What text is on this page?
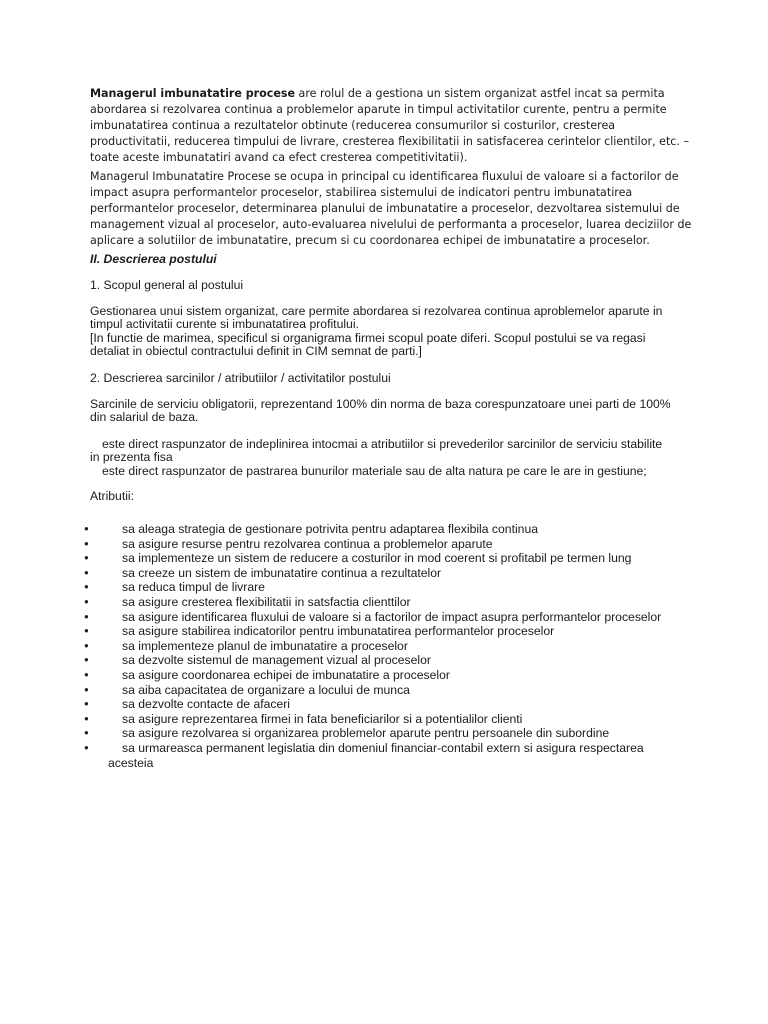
Managerul imbunatatire procese are rolul de a gestiona un sistem organizat astfel incat sa permita
abordarea si rezolvarea continua a problemelor aparute in timpul activitatilor curente, pentru a permite
imbunatatirea continua a rezultatelor obtinute (reducerea consumurilor si costurilor, cresterea
productivitatii, reducerea timpului de livrare, cresterea flexibilitatii in satisfacerea cerintelor clientilor, etc. –
toate aceste imbunatatiri avand ca efect cresterea competitivitatii).
Managerul Imbunatatire Procese se ocupa in principal cu identificarea fluxului de valoare si a factorilor de
impact asupra performantelor proceselor, stabilirea sistemului de indicatori pentru imbunatatirea
performantelor proceselor, determinarea planului de imbunatatire a proceselor, dezvoltarea sistemului de
management vizual al proceselor, auto-evaluarea nivelului de performanta a proceselor, luarea deciziilor de
aplicare a solutiilor de imbunatatire, precum si cu coordonarea echipei de imbunatatire a proceselor.
II. Descrierea postului
1. Scopul general al postului
Gestionarea unui sistem organizat, care permite abordarea si rezolvarea continua aproblemelor aparute in
timpul activitatii curente si imbunatatirea profitului.
[In functie de marimea, specificul si organigrama firmei scopul poate diferi. Scopul postului se va regasi
detaliat in obiectul contractului definit in CIM semnat de parti.]
2. Descrierea sarcinilor / atributiilor / activitatilor postului
Sarcinile de serviciu obligatorii, reprezentand 100% din norma de baza corespunzatoare unei parti de 100%
din salariul de baza.
este direct raspunzator de indeplinirea intocmai a atributiilor si prevederilor sarcinilor de serviciu stabilite
in prezenta fisa
este direct raspunzator de pastrarea bunurilor materiale sau de alta natura pe care le are in gestiune;
Atributii:
●	sa aleaga strategia de gestionare potrivita pentru adaptarea flexibila continua
●	sa asigure resurse pentru rezolvarea continua a problemelor aparute
●	sa implementeze un sistem de reducere a costurilor in mod coerent si profitabil pe termen lung
●	sa creeze un sistem de imbunatatire continua a rezultatelor
●	sa reduca timpul de livrare
●	sa asigure cresterea flexibilitatii in satsfactia clienttilor
●	sa asigure identificarea fluxului de valoare si a factorilor de impact asupra performantelor proceselor
●	sa asigure stabilirea indicatorilor pentru imbunatatirea performantelor proceselor
●	sa implementeze planul de imbunatatire a proceselor
●	sa dezvolte sistemul de management vizual al proceselor
●	sa asigure coordonarea echipei de imbunatatire a proceselor
●	sa aiba capacitatea de organizare a locului de munca
●	sa dezvolte contacte de afaceri
●	sa asigure reprezentarea firmei in fata beneficiarilor si a potentialilor clienti
●	sa asigure rezolvarea si organizarea problemelor aparute pentru persoanele din subordine
●	sa urmareasca permanent legislatia din domeniul financiar-contabil extern si asigura respectarea
acesteia
